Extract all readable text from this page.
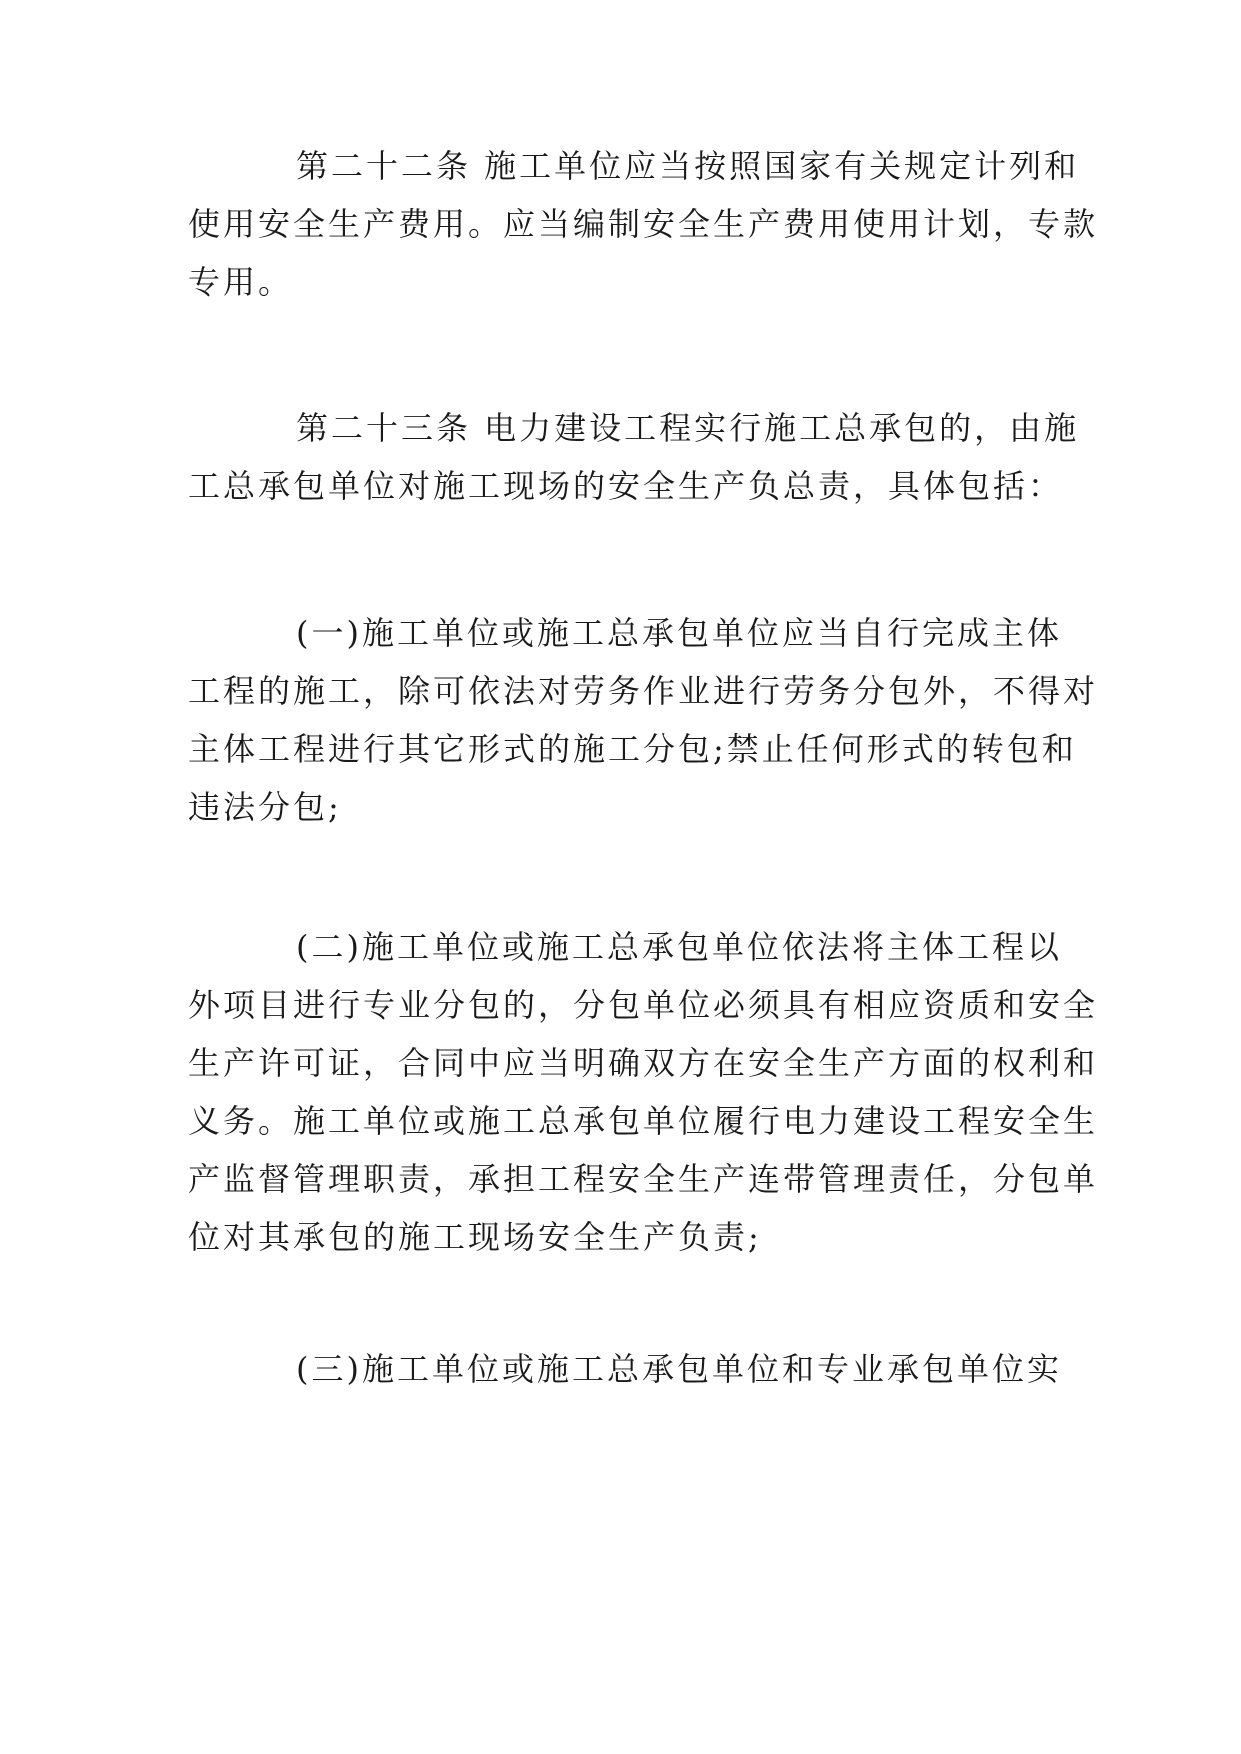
第二十二条 施工单位应当按照国家有关规定计列和
使用安全生产费用。应当编制安全生产费用使用计划，专款
专用。
第二十三条 电力建设工程实行施工总承包的，由施
工总承包单位对施工现场的安全生产负总责，具体包括：
(一)施工单位或施工总承包单位应当自行完成主体
工程的施工，除可依法对劳务作业进行劳务分包外，不得对
主体工程进行其它形式的施工分包;禁止任何形式的转包和
违法分包;
(二)施工单位或施工总承包单位依法将主体工程以
外项目进行专业分包的，分包单位必须具有相应资质和安全
生产许可证，合同中应当明确双方在安全生产方面的权利和
义务。施工单位或施工总承包单位履行电力建设工程安全生
产监督管理职责，承担工程安全生产连带管理责任，分包单
位对其承包的施工现场安全生产负责;
(三)施工单位或施工总承包单位和专业承包单位实
